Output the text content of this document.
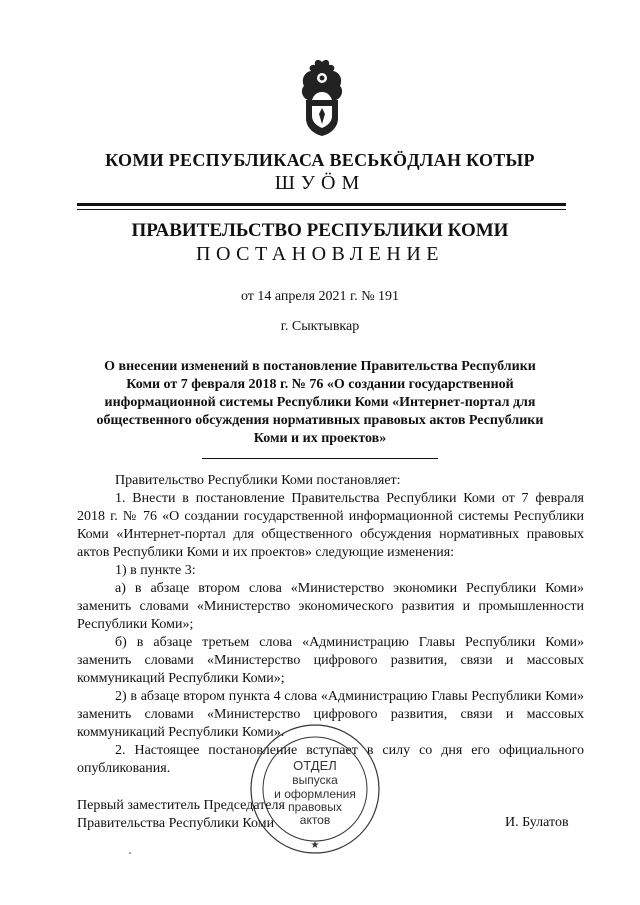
КОМИ РЕСПУБЛИКАСА ВЕСЬКӦДЛАН КОТЫР
ШУӦМ
ПРАВИТЕЛЬСТВО РЕСПУБЛИКИ КОМИ
ПОСТАНОВЛЕНИЕ
от 14 апреля 2021 г. № 191
г. Сыктывкар
О внесении изменений в постановление Правительства Республики Коми от 7 февраля 2018 г. № 76 «О создании государственной информационной системы Республики Коми «Интернет-портал для общественного обсуждения нормативных правовых актов Республики Коми и их проектов»

Правительство Республики Коми постановляет:

1. Внести в постановление Правительства Республики Коми от 7 февраля 2018 г. № 76 «О создании государственной информационной системы Республики Коми «Интернет-портал для общественного обсуждения нормативных правовых актов Республики Коми и их проектов» следующие изменения:

1) в пункте 3:

а) в абзаце втором слова «Министерство экономики Республики Коми» заменить словами «Министерство экономического развития и промышленности Республики Коми»;

б) в абзаце третьем слова «Администрацию Главы Республики Коми» заменить словами «Министерство цифрового развития, связи и массовых коммуникаций Республики Коми»;

2) в абзаце втором пункта 4 слова «Администрацию Главы Республики Коми» заменить словами «Министерство цифрового развития, связи и массовых коммуникаций Республики Коми».

2. Настоящее постановление вступает в силу со дня его официального опубликования.

Первый заместитель Председателя
Правительства Республики Коми	И. Булатов
ОТДЕЛ
выпуска
и оформления
правовых
актов
★
